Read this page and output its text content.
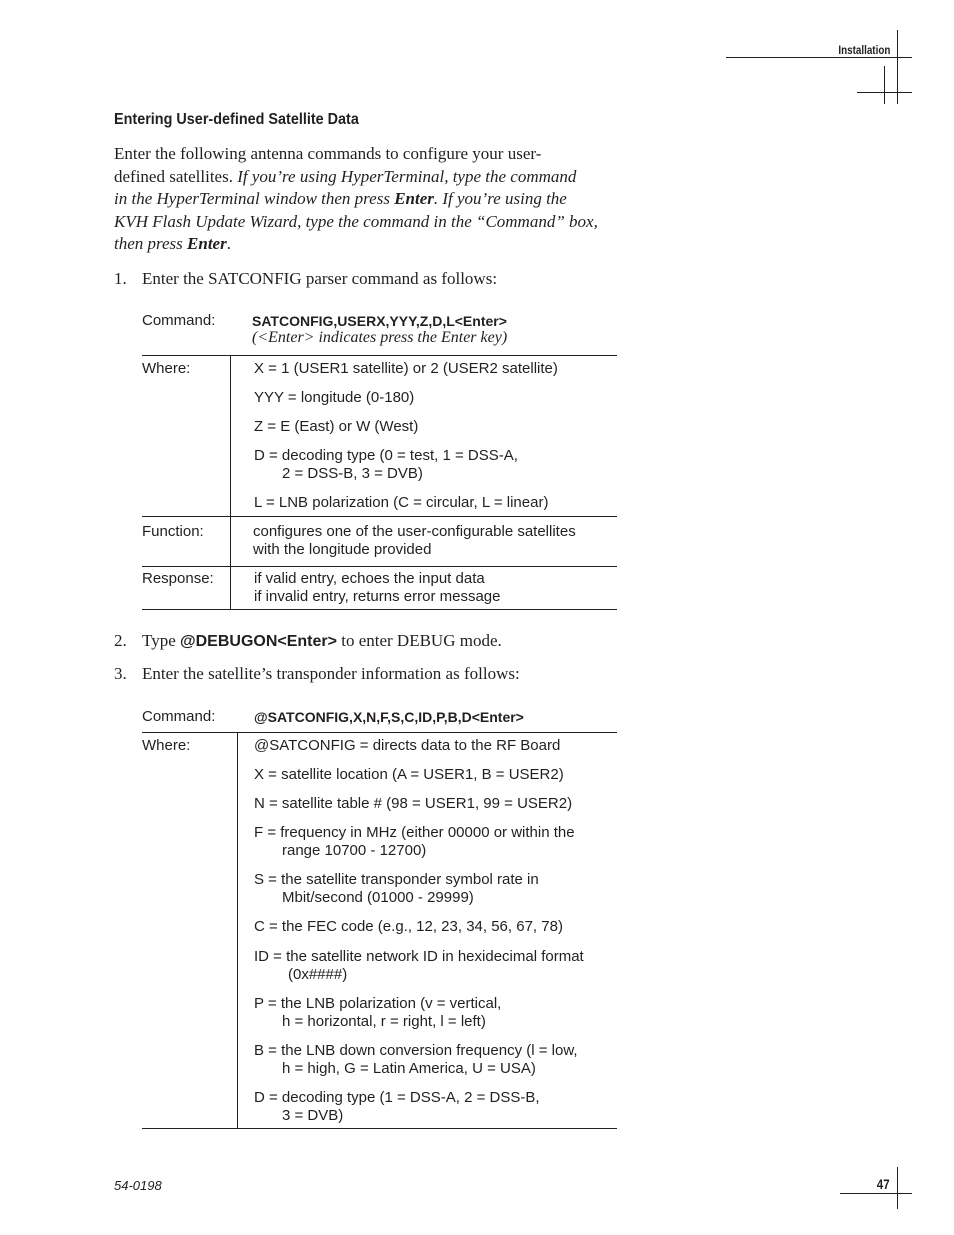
Installation
Entering User-defined Satellite Data
Enter the following antenna commands to configure your user-
defined satellites. If you’re using HyperTerminal, type the command
in the HyperTerminal window then press Enter. If you’re using the
KVH Flash Update Wizard, type the command in the “Command” box,
then press Enter.
1. Enter the SATCONFIG parser command as follows:
Command:	SATCONFIG,USERX,YYY,Z,D,L<Enter>
(<Enter> indicates press the Enter key)
Where:	X = 1 (USER1 satellite) or 2 (USER2 satellite)
YYY = longitude (0-180)
Z = E (East) or W (West)
D = decoding type (0 = test, 1 = DSS-A,
2 = DSS-B, 3 = DVB)
L = LNB polarization (C = circular, L = linear)
Function:	configures one of the user-configurable satellites
with the longitude provided
Response:	if valid entry, echoes the input data
if invalid entry, returns error message
2. Type @DEBUGON<Enter> to enter DEBUG mode.
3. Enter the satellite’s transponder information as follows:
Command:	@SATCONFIG,X,N,F,S,C,ID,P,B,D<Enter>
Where:	@SATCONFIG = directs data to the RF Board
X = satellite location (A = USER1, B = USER2)
N = satellite table # (98 = USER1, 99 = USER2)
F = frequency in MHz (either 00000 or within the
range 10700 - 12700)
S = the satellite transponder symbol rate in
Mbit/second (01000 - 29999)
C = the FEC code (e.g., 12, 23, 34, 56, 67, 78)
ID = the satellite network ID in hexidecimal format
(0x####)
P = the LNB polarization (v = vertical,
h = horizontal, r = right, l = left)
B = the LNB down conversion frequency (l = low,
h = high, G = Latin America, U = USA)
D = decoding type (1 = DSS-A, 2 = DSS-B,
3 = DVB)
54-0198	47
